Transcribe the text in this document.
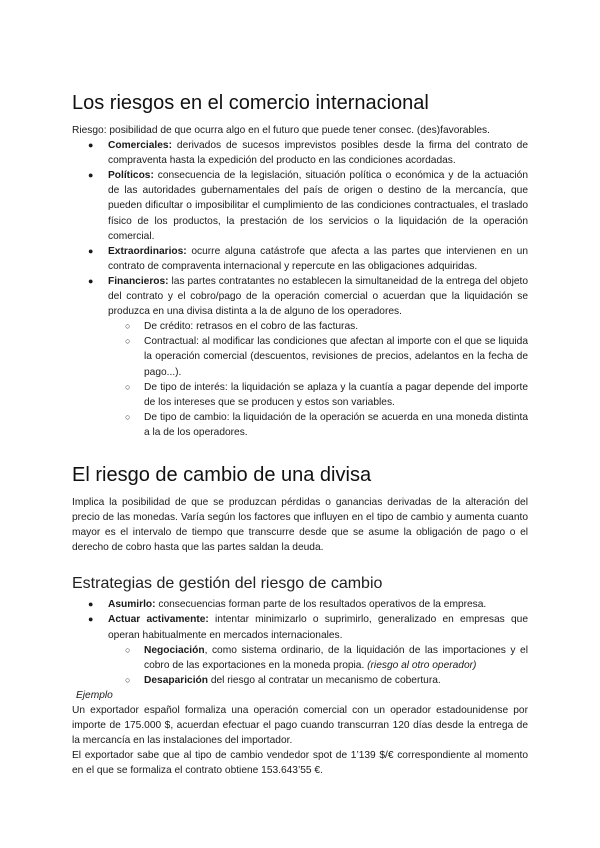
Los riesgos en el comercio internacional

Riesgo: posibilidad de que ocurra algo en el futuro que puede tener consec. (des)favorables.

● Comerciales: derivados de sucesos imprevistos posibles desde la firma del contrato de compraventa hasta la expedición del producto en las condiciones acordadas.
● Políticos: consecuencia de la legislación, situación política o económica y de la actuación de las autoridades gubernamentales del país de origen o destino de la mercancía, que pueden dificultar o imposibilitar el cumplimiento de las condiciones contractuales, el traslado físico de los productos, la prestación de los servicios o la liquidación de la operación comercial.
● Extraordinarios: ocurre alguna catástrofe que afecta a las partes que intervienen en un contrato de compraventa internacional y repercute en las obligaciones adquiridas.
● Financieros: las partes contratantes no establecen la simultaneidad de la entrega del objeto del contrato y el cobro/pago de la operación comercial o acuerdan que la liquidación se produzca en una divisa distinta a la de alguno de los operadores.
○ De crédito: retrasos en el cobro de las facturas.
○ Contractual: al modificar las condiciones que afectan al importe con el que se liquida la operación comercial (descuentos, revisiones de precios, adelantos en la fecha de pago...).
○ De tipo de interés: la liquidación se aplaza y la cuantía a pagar depende del importe de los intereses que se producen y estos son variables.
○ De tipo de cambio: la liquidación de la operación se acuerda en una moneda distinta a la de los operadores.
El riesgo de cambio de una divisa

Implica la posibilidad de que se produzcan pérdidas o ganancias derivadas de la alteración del precio de las monedas. Varía según los factores que influyen en el tipo de cambio y aumenta cuanto mayor es el intervalo de tiempo que transcurre desde que se asume la obligación de pago o el derecho de cobro hasta que las partes saldan la deuda.

Estrategias de gestión del riesgo de cambio
● Asumirlo: consecuencias forman parte de los resultados operativos de la empresa.
● Actuar activamente: intentar minimizarlo o suprimirlo, generalizado en empresas que operan habitualmente en mercados internacionales.
○ Negociación, como sistema ordinario, de la liquidación de las importaciones y el cobro de las exportaciones en la moneda propia. (riesgo al otro operador)
○ Desaparición del riesgo al contratar un mecanismo de cobertura.

Ejemplo

Un exportador español formaliza una operación comercial con un operador estadounidense por importe de 175.000 $, acuerdan efectuar el pago cuando transcurran 120 días desde la entrega de la mercancía en las instalaciones del importador.

El exportador sabe que al tipo de cambio vendedor spot de 1’139 $/€ correspondiente al momento en el que se formaliza el contrato obtiene 153.643’55 €.
